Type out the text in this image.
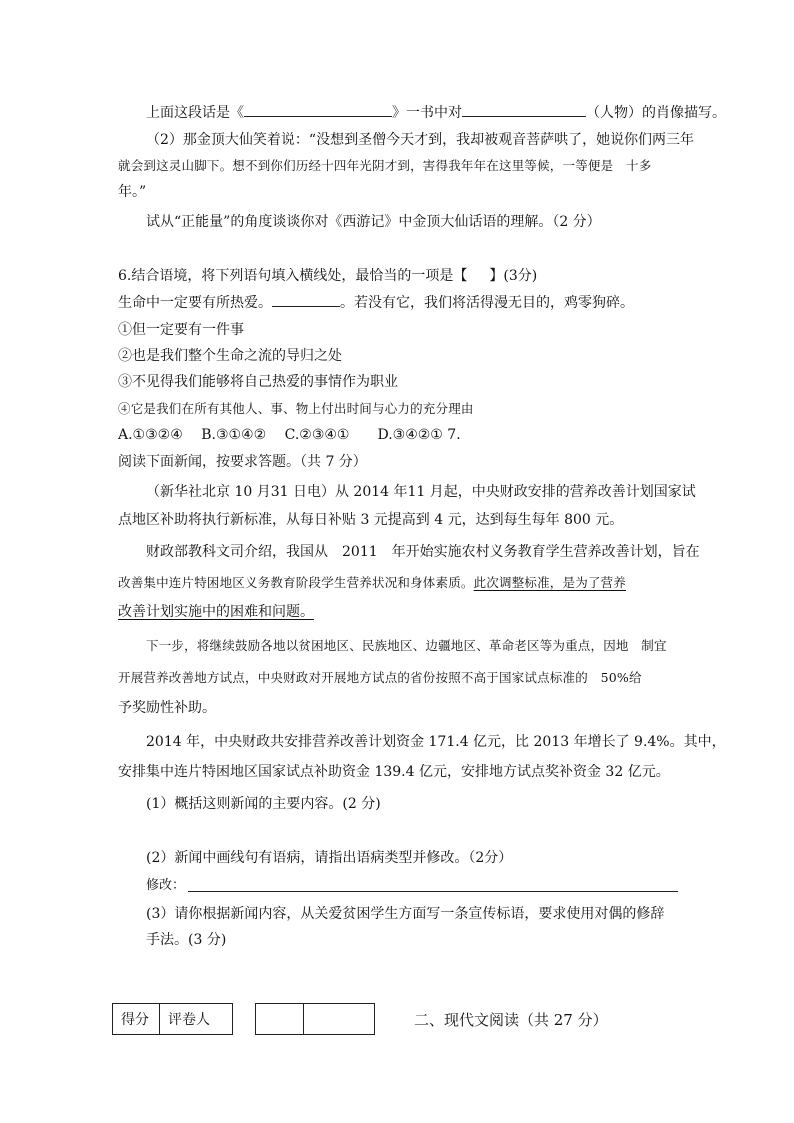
上面这段话是《	》一书中对	（人物）的肖像描写。
（2）那金顶大仙笑着说：“没想到圣僧今天才到，我却被观音菩萨哄了，她说你们两三年
就会到这灵山脚下。想不到你们历经十四年光阴才到，害得我年年在这里等候，一等便是　十多
年。”
试从“正能量”的角度谈谈你对《西游记》中金顶大仙话语的理解。（2 分）
6.结合语境，将下列语句填入横线处，最恰当的一项是【 】(3分)
生命中一定要有所热爱。	。若没有它，我们将活得漫无目的，鸡零狗碎。
①但一定要有一件事
②也是我们整个生命之流的导归之处
③不见得我们能够将自己热爱的事情作为职业
④它是我们在所有其他人、事、物上付出时间与心力的充分理由
A.①③②④　 B.③①④②　 C.②③④①　　D.③④②① 7.
阅读下面新闻，按要求答题。（共 7 分）
（新华社北京 10 月31 日电）从 2014 年11 月起，中央财政安排的营养改善计划国家试
点地区补助将执行新标准，从每日补贴 3 元提高到 4 元，达到每生每年 800 元。
财政部教科文司介绍，我国从　2011　年开始实施农村义务教育学生营养改善计划，旨在
改善集中连片特困地区义务教育阶段学生营养状况和身体素质。此次调整标准，是为了营养
改善计划实施中的困难和问题。
下一步，将继续鼓励各地以贫困地区、民族地区、边疆地区、革命老区等为重点，因地　制宜
开展营养改善地方试点，中央财政对开展地方试点的省份按照不高于国家试点标准的　50%给
予奖励性补助。
2014 年，中央财政共安排营养改善计划资金 171.4 亿元，比 2013 年增长了 9.4%。其中，
安排集中连片特困地区国家试点补助资金 139.4 亿元，安排地方试点奖补资金 32 亿元。
(1）概括这则新闻的主要内容。(2 分)
(2）新闻中画线句有语病，请指出语病类型并修改。（2分）
修改：
(3）请你根据新闻内容，从关爱贫困学生方面写一条宣传标语，要求使用对偶的修辞
手法。(3 分)
得分	评卷人
		二、现代文阅读（共 27 分）
